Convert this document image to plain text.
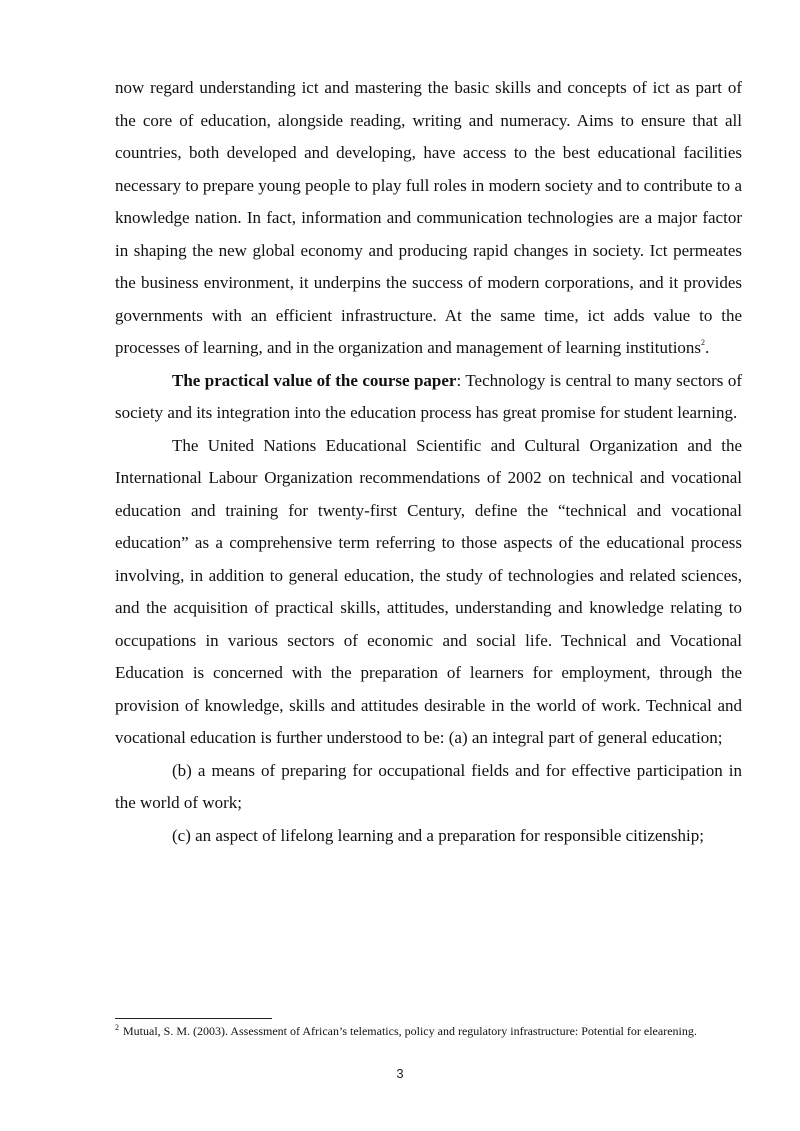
now regard understanding ict and mastering the basic skills and concepts of ict as part of the core of education, alongside reading, writing and numeracy. Aims to ensure that all countries, both developed and developing, have access to the best educational facilities necessary to prepare young people to play full roles in modern society and to contribute to a knowledge nation. In fact, information and communication technologies are a major factor in shaping the new global economy and producing rapid changes in society. Ict permeates the business environment, it underpins the success of modern corporations, and it provides governments with an efficient infrastructure. At the same time, ict adds value to the processes of learning, and in the organization and management of learning institutions$^2$.

The practical value of the course paper: Technology is central to many sectors of society and its integration into the education process has great promise for student learning.

The United Nations Educational Scientific and Cultural Organization and the International Labour Organization recommendations of 2002 on technical and vocational education and training for twenty-first Century, define the “technical and vocational education” as a comprehensive term referring to those aspects of the educational process involving, in addition to general education, the study of technologies and related sciences, and the acquisition of practical skills, attitudes, understanding and knowledge relating to occupations in various sectors of economic and social life. Technical and Vocational Education is concerned with the preparation of learners for employment, through the provision of knowledge, skills and attitudes desirable in the world of work. Technical and vocational education is further understood to be: (a) an integral part of general education;

(b) a means of preparing for occupational fields and for effective participation in the world of work;

(c) an aspect of lifelong learning and a preparation for responsible citizenship;

$^2$ Mutual, S. M. (2003). Assessment of African’s telematics, policy and regulatory infrastructure: Potential for elearening.
3
